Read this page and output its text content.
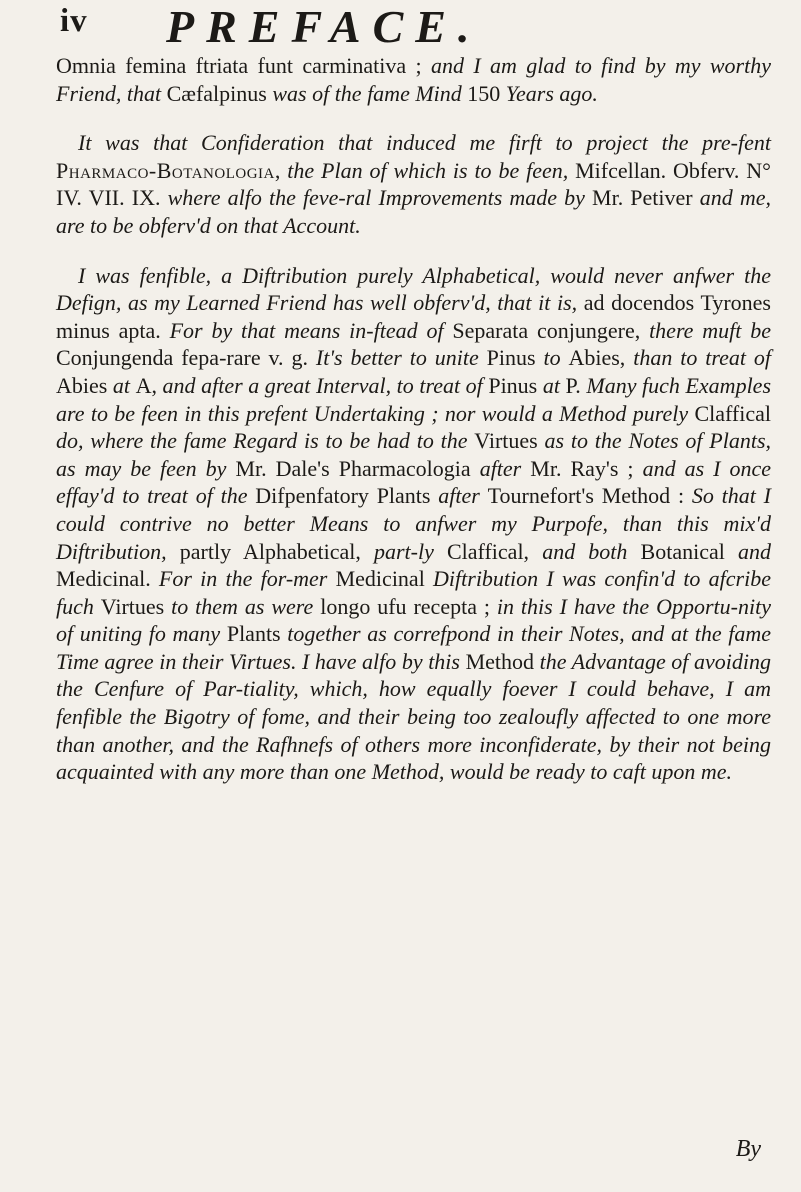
iv PREFACE.

Omnia femina ftriata funt carminativa ; and I am glad to find by my worthy Friend, that Cæfalpinus was of the fame Mind 150 Years ago.

It was that Confideration that induced me firft to project the pre-fent Pharmaco-Botanologia, the Plan of which is to be feen, Mifcellan. Obferv. N° IV. VII. IX. where alfo the feve-ral Improvements made by Mr. Petiver and me, are to be obferv'd on that Account.

I was fenfible, a Diftribution purely Alphabetical, would never anfwer the Defign, as my Learned Friend has well obferv'd, that it is, ad docendos Tyrones minus apta. For by that means in-ftead of Separata conjungere, there muft be Conjungenda fepa-rare v. g. It's better to unite Pinus to Abies, than to treat of Abies at A, and after a great Interval, to treat of Pinus at P. Many fuch Examples are to be feen in this prefent Undertaking ; nor would a Method purely Claffical do, where the fame Regard is to be had to the Virtues as to the Notes of Plants, as may be feen by Mr. Dale's Pharmacologia after Mr. Ray's ; and as I once effay'd to treat of the Difpenfatory Plants after Tournefort's Method : So that I could contrive no better Means to anfwer my Purpofe, than this mix'd Diftribution, partly Alphabetical, part-ly Claffical, and both Botanical and Medicinal. For in the for-mer Medicinal Diftribution I was confin'd to afcribe fuch Virtues to them as were longo ufu recepta ; in this I have the Opportu-nity of uniting fo many Plants together as correfpond in their Notes, and at the fame Time agree in their Virtues. I have alfo by this Method the Advantage of avoiding the Cenfure of Par-tiality, which, how equally foever I could behave, I am fenfible the Bigotry of fome, and their being too zealoufly affected to one more than another, and the Rafhnefs of others more inconfiderate, by their not being acquainted with any more than one Method, would be ready to caft upon me.

By
